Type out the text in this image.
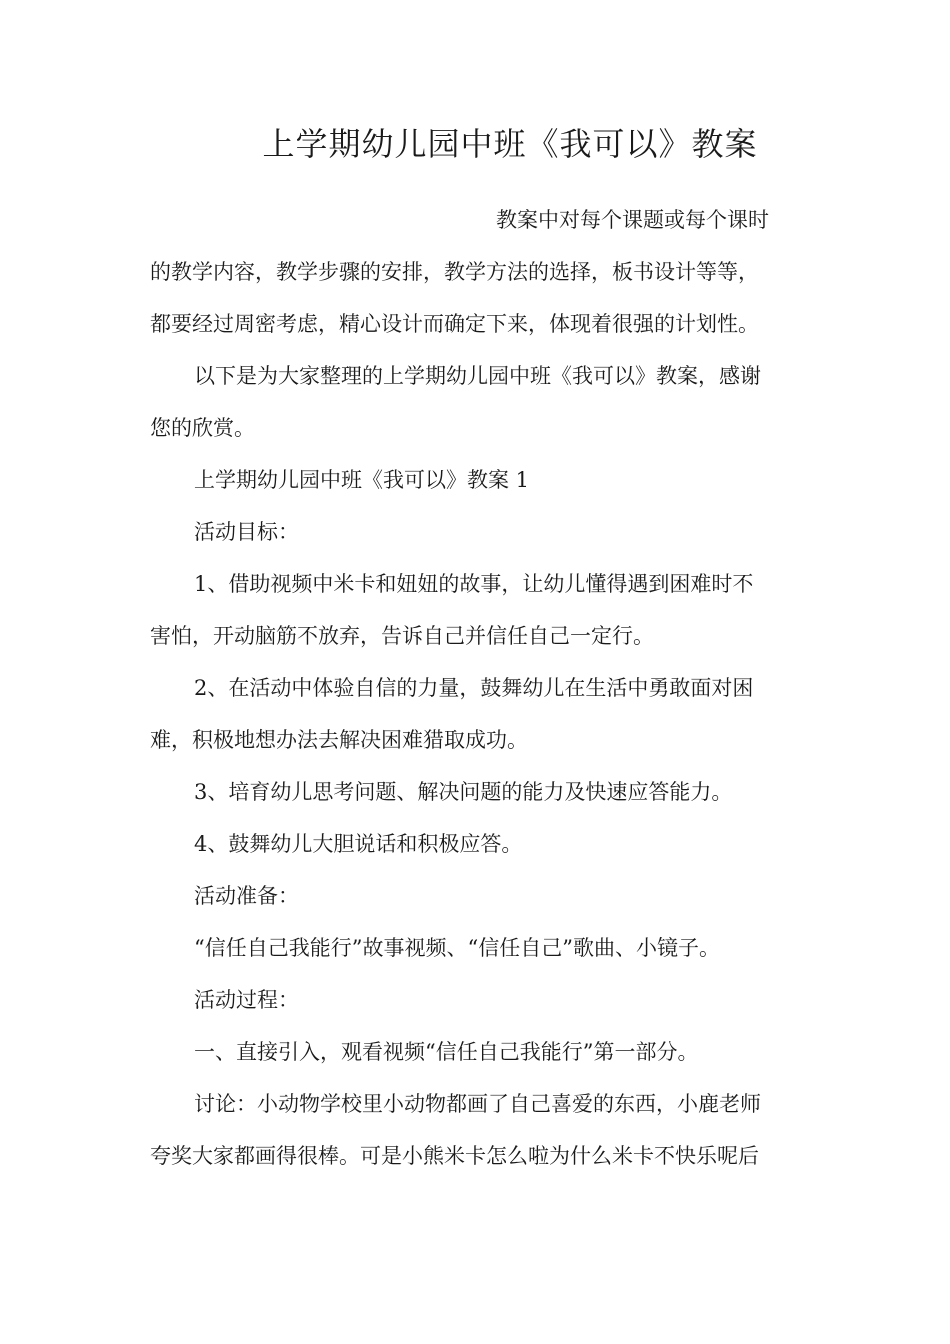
上学期幼儿园中班《我可以》教案
教案中对每个课题或每个课时
的教学内容，教学步骤的安排，教学方法的选择，板书设计等等，
都要经过周密考虑，精心设计而确定下来，体现着很强的计划性。
以下是为大家整理的上学期幼儿园中班《我可以》教案，感谢
您的欣赏。
上学期幼儿园中班《我可以》教案 1
活动目标：
1、借助视频中米卡和妞妞的故事，让幼儿懂得遇到困难时不
害怕，开动脑筋不放弃，告诉自己并信任自己一定行。
2、在活动中体验自信的力量，鼓舞幼儿在生活中勇敢面对困
难，积极地想办法去解决困难猎取成功。
3、培育幼儿思考问题、解决问题的能力及快速应答能力。
4、鼓舞幼儿大胆说话和积极应答。
活动准备：
“信任自己我能行”故事视频、“信任自己”歌曲、小镜子。
活动过程：
一、直接引入，观看视频“信任自己我能行”第一部分。
讨论：小动物学校里小动物都画了自己喜爱的东西，小鹿老师
夸奖大家都画得很棒。可是小熊米卡怎么啦为什么米卡不快乐呢后
